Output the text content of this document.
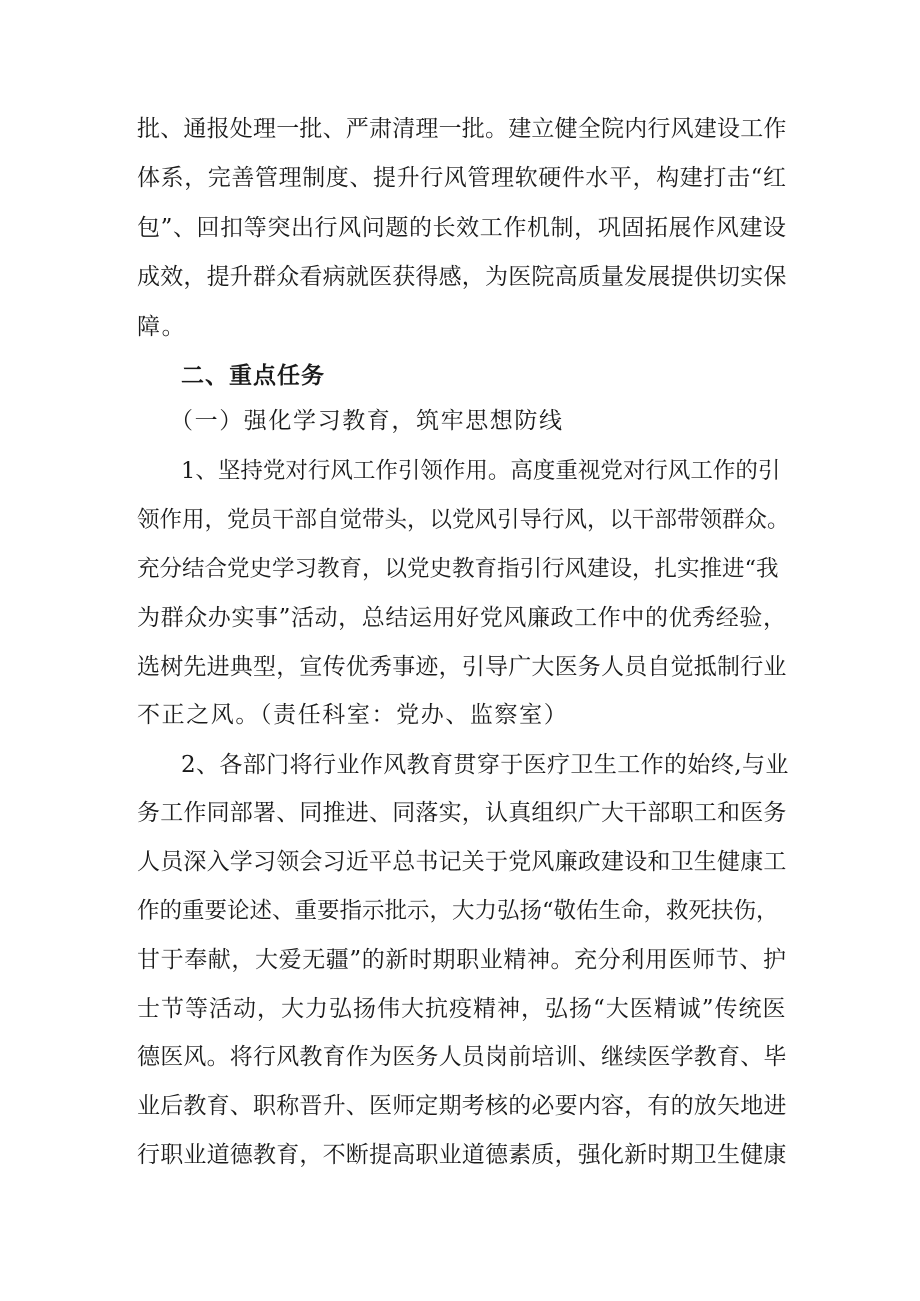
批、通报处理一批、严肃清理一批。建立健全院内行风建设工作
体系，完善管理制度、提升行风管理软硬件水平，构建打击“红
包”、回扣等突出行风问题的长效工作机制，巩固拓展作风建设
成效，提升群众看病就医获得感，为医院高质量发展提供切实保
障。
二、重点任务
（一）强化学习教育，筑牢思想防线
1、坚持党对行风工作引领作用。高度重视党对行风工作的引
领作用，党员干部自觉带头，以党风引导行风，以干部带领群众。
充分结合党史学习教育，以党史教育指引行风建设，扎实推进“我
为群众办实事”活动，总结运用好党风廉政工作中的优秀经验，
选树先进典型，宣传优秀事迹，引导广大医务人员自觉抵制行业
不正之风。（责任科室：党办、监察室）
2、各部门将行业作风教育贯穿于医疗卫生工作的始终,与业
务工作同部署、同推进、同落实，认真组织广大干部职工和医务
人员深入学习领会习近平总书记关于党风廉政建设和卫生健康工
作的重要论述、重要指示批示，大力弘扬“敬佑生命，救死扶伤，
甘于奉献，大爱无疆”的新时期职业精神。充分利用医师节、护
士节等活动，大力弘扬伟大抗疫精神，弘扬“大医精诚”传统医
德医风。将行风教育作为医务人员岗前培训、继续医学教育、毕
业后教育、职称晋升、医师定期考核的必要内容，有的放矢地进
行职业道德教育，不断提高职业道德素质，强化新时期卫生健康
